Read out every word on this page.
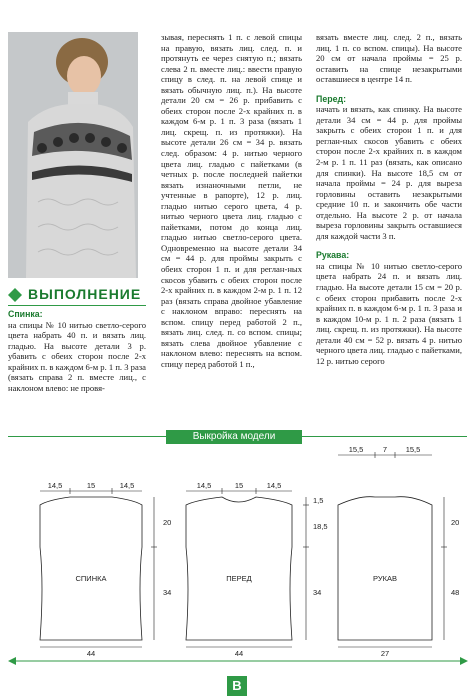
ВЫПОЛНЕНИЕ

Спинка:

на спицы № 10 нитью светло-серого цвета набрать 40 п. и вязать лиц. гладью. На высоте детали 3 р. убавить с обеих сторон после 2-х крайних п. в каждом 6-м р. 1 п. 3 раза (вязать справа 2 п. вместе лиц., с наклоном влево: не провя-

зывая, переснять 1 п. с левой спицы на правую, вязать лиц. след. п. и протянуть ее через снятую п.; вязать слева 2 п. вместе лиц.: ввести правую спицу в след. п. на левой спице и вязать обычную лиц. п.). На высоте детали 20 см = 26 р. прибавить с обеих сторон после 2-х крайних п. в каждом 6-м р. 1 п. 3 раза (вязать 1 лиц. скрещ. п. из протяжки). На высоте детали 26 см = 34 р. вязать след. образом: 4 р. нитью черного цвета лиц. гладью с пайетками (в четных р. после последней пайетки вязать изнаночными петли, не учтенные в рапорте), 12 р. лиц. гладью нитью серого цвета, 4 р. нитью черного цвета лиц. гладью с пайетками, потом до конца лиц. гладью нитью светло-серого цвета. Одновременно на высоте детали 34 см = 44 р. для проймы закрыть с обеих сторон 1 п. и для реглан-ных скосов убавить с обеих сторон после 2-х крайних п. в каждом 2-м р. 1 п. 12 раз (вязать справа двойное убавление с наклоном вправо: переснять на вспом. спицу перед работой 2 п., вязать лиц. след. п. со вспом. спицы; вязать слева двойное убавление с наклоном влево: переснять на вспом. спицу перед работой 1 п.,

вязать вместе лиц. след. 2 п., вязать лиц. 1 п. со вспом. спицы). На высоте 20 см от начала проймы = 25 р. оставить на спице незакрытыми оставшиеся в центре 14 п.

Перед:

начать и вязать, как спинку. На высоте детали 34 см = 44 р. для проймы закрыть с обеих сторон 1 п. и для реглан-ных скосов убавить с обеих сторон после 2-х крайних п. в каждом 2-м р. 1 п. 11 раз (вязать, как описано для спинки). На высоте 18,5 см от начала проймы = 24 р. для выреза горловины оставить незакрытыми средние 10 п. и закончить обе части отдельно. На высоте 2 р. от начала выреза горловины закрыть оставшиеся для каждой части 3 п.

Рукава:

на спицы № 10 нитью светло-серого цвета набрать 24 п. и вязать лиц. гладью. На высоте детали 15 см = 20 р. с обеих сторон прибавить после 2-х крайних п. в каждом 6-м р. 1 п. 3 раза и в каждом 10-м р. 1 п. 2 раза (вязать 1 лиц. скрещ. п. из протяжки). На высоте детали 40 см = 52 р. вязать 4 р. нитью черного цвета лиц. гладью с пайетками, 12 р. нитью серого

Выкройка модели
СПИНКА	ПЕРЕД	РУКАВ
14,5	15	14,5
20
34
44
14,5	15	14,5
1,5
18,5
34
44
15,5	7 15,5
20
48
27
B
